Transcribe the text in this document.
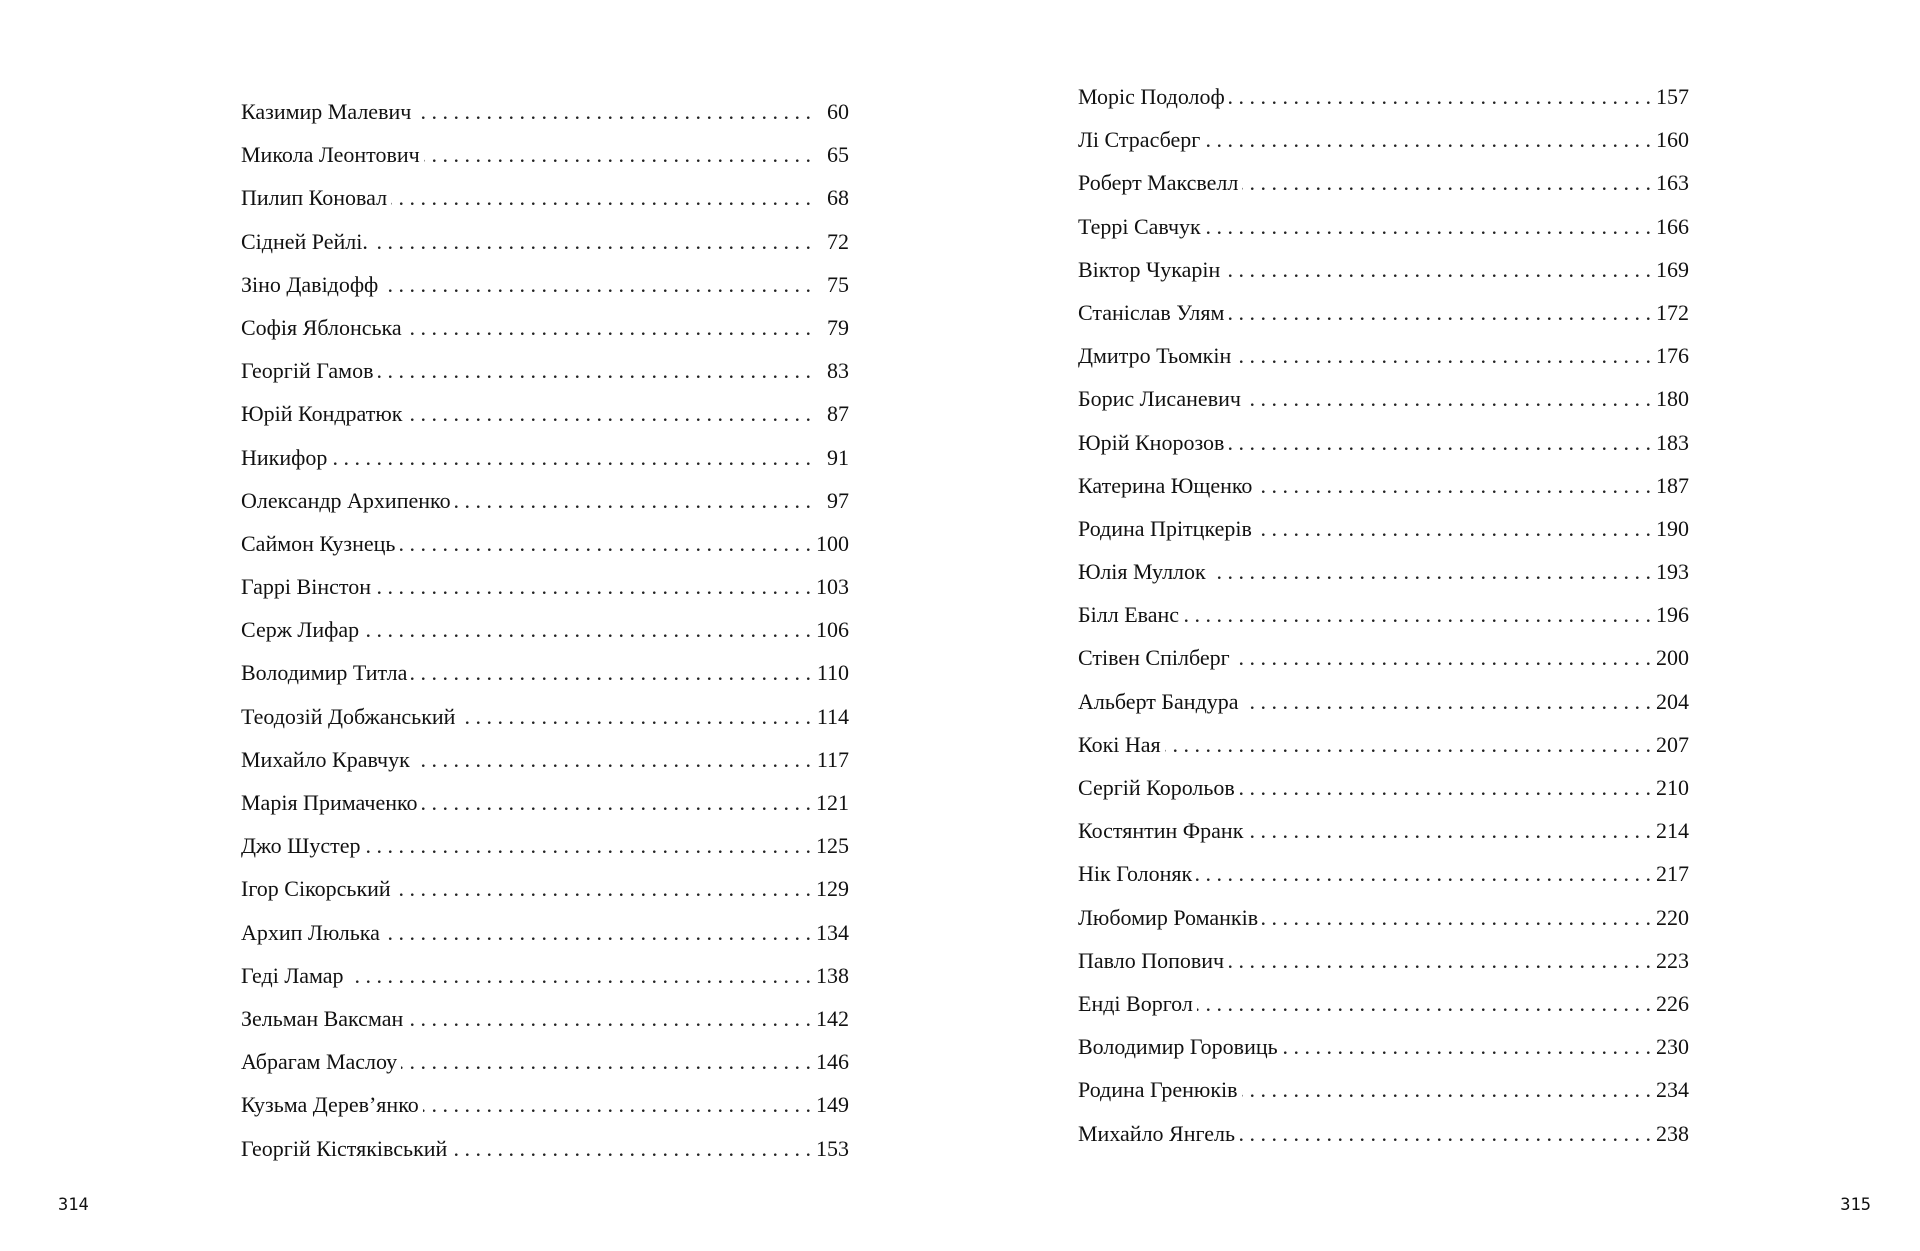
Казимир Малевич . . .	60
Микола Леонтович . . .	65
Пилип Коновал . . .	68
Сідней Рейлі. . . .	72
Зіно Давідофф . . .	75
Софія Яблонська . . .	79
Георгій Гамов . . .	83
Юрій Кондратюк . . .	87
Никифор . . .	91
Олександр Архипенко . . .	97
Саймон Кузнець . . .	100
Гаррі Вінстон . . .	103
Серж Лифар . . .	106
Володимир Титла . . .	110
Теодозій Добжанський . . .	114
Михайло Кравчук . . .	117
Марія Примаченко . . .	121
Джо Шустер . . .	125
Ігор Сікорський . . .	129
Архип Люлька . . .	134
Геді Ламар . . .	138
Зельман Ваксман . . .	142
Абрагам Маслоу . . .	146
Кузьма Дерев’янко . . .	149
Георгій Кістяківський . . .	153
314
Моріс Подолоф . . .	157
Лі Страсберг . . .	160
Роберт Максвелл . . .	163
Террі Савчук . . .	166
Віктор Чукарін . . .	169
Станіслав Улям . . .	172
Дмитро Тьомкін . . .	176
Борис Лисаневич . . .	180
Юрій Кнорозов . . .	183
Катерина Ющенко . . .	187
Родина Прітцкерів . . .	190
Юлія Муллок . . .	193
Білл Еванс . . .	196
Стівен Спілберг . . .	200
Альберт Бандура . . .	204
Кокі Ная . . .	207
Сергій Корольов . . .	210
Костянтин Франк . . .	214
Нік Голоняк . . .	217
Любомир Романків . . .	220
Павло Попович . . .	223
Енді Воргол . . .	226
Володимир Горовиць . . .	230
Родина Гренюків . . .	234
Михайло Янгель . . .	238
315
